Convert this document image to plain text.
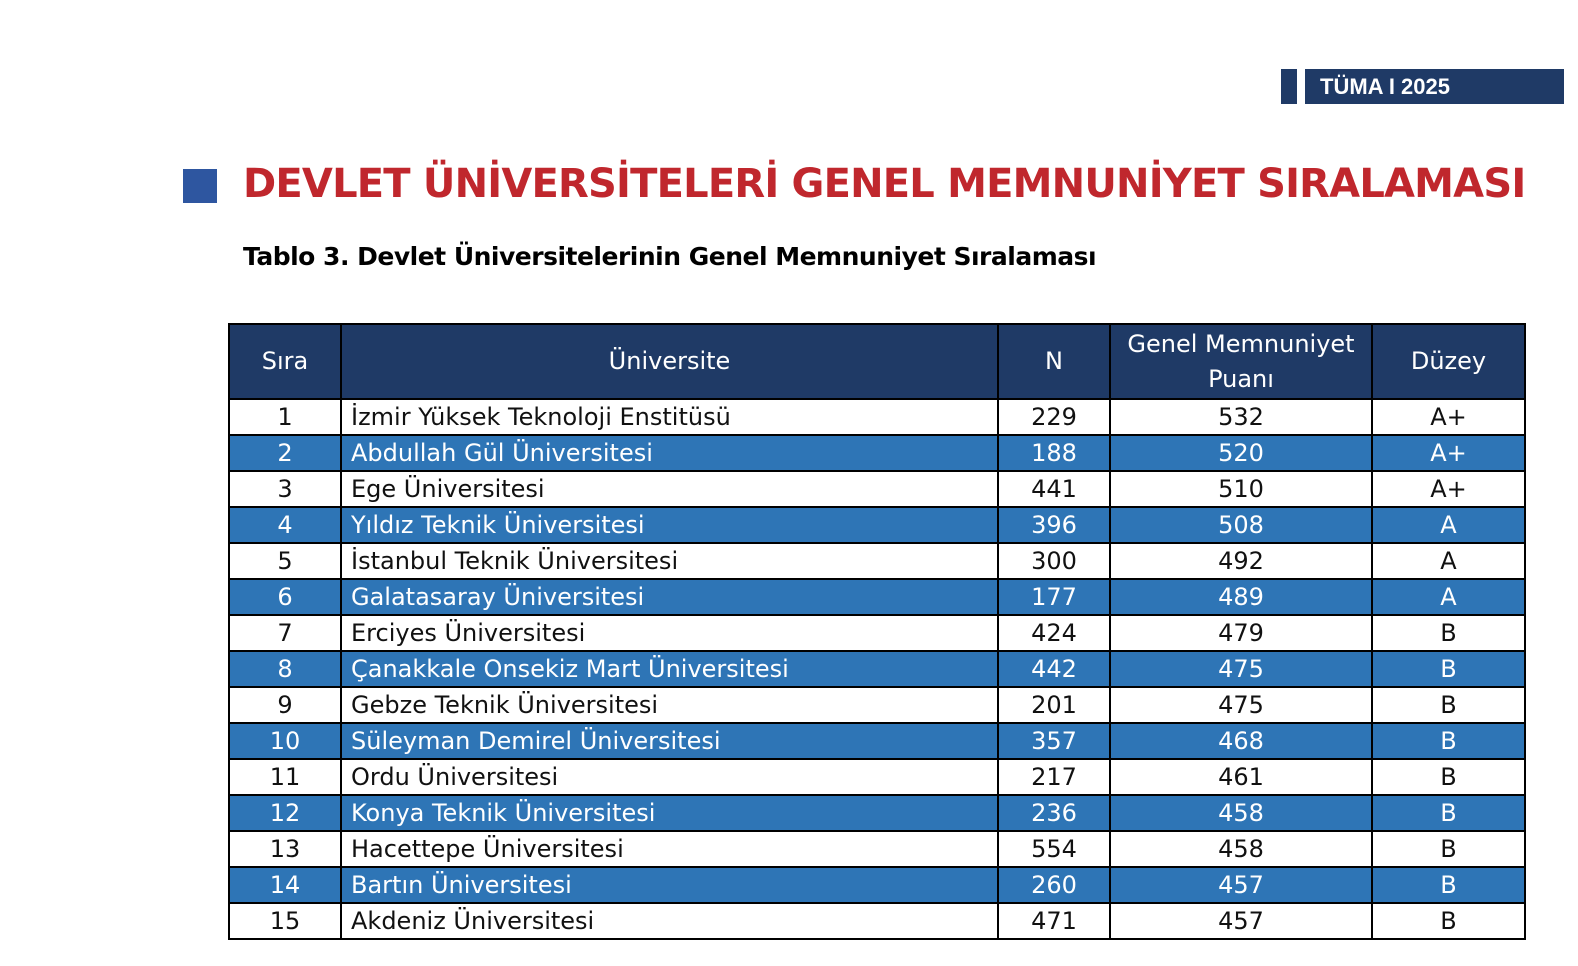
TÜMA I 2025
DEVLET ÜNİVERSİTELERİ GENEL MEMNUNİYET SIRALAMASI
Tablo 3. Devlet Üniversitelerinin Genel Memnuniyet Sıralaması
Sıra	Üniversite	N	Genel Memnuniyet Puanı	Düzey
1	İzmir Yüksek Teknoloji Enstitüsü	229	532	A+
2	Abdullah Gül Üniversitesi	188	520	A+
3	Ege Üniversitesi	441	510	A+
4	Yıldız Teknik Üniversitesi	396	508	A
5	İstanbul Teknik Üniversitesi	300	492	A
6	Galatasaray Üniversitesi	177	489	A
7	Erciyes Üniversitesi	424	479	B
8	Çanakkale Onsekiz Mart Üniversitesi	442	475	B
9	Gebze Teknik Üniversitesi	201	475	B
10	Süleyman Demirel Üniversitesi	357	468	B
11	Ordu Üniversitesi	217	461	B
12	Konya Teknik Üniversitesi	236	458	B
13	Hacettepe Üniversitesi	554	458	B
14	Bartın Üniversitesi	260	457	B
15	Akdeniz Üniversitesi	471	457	B
